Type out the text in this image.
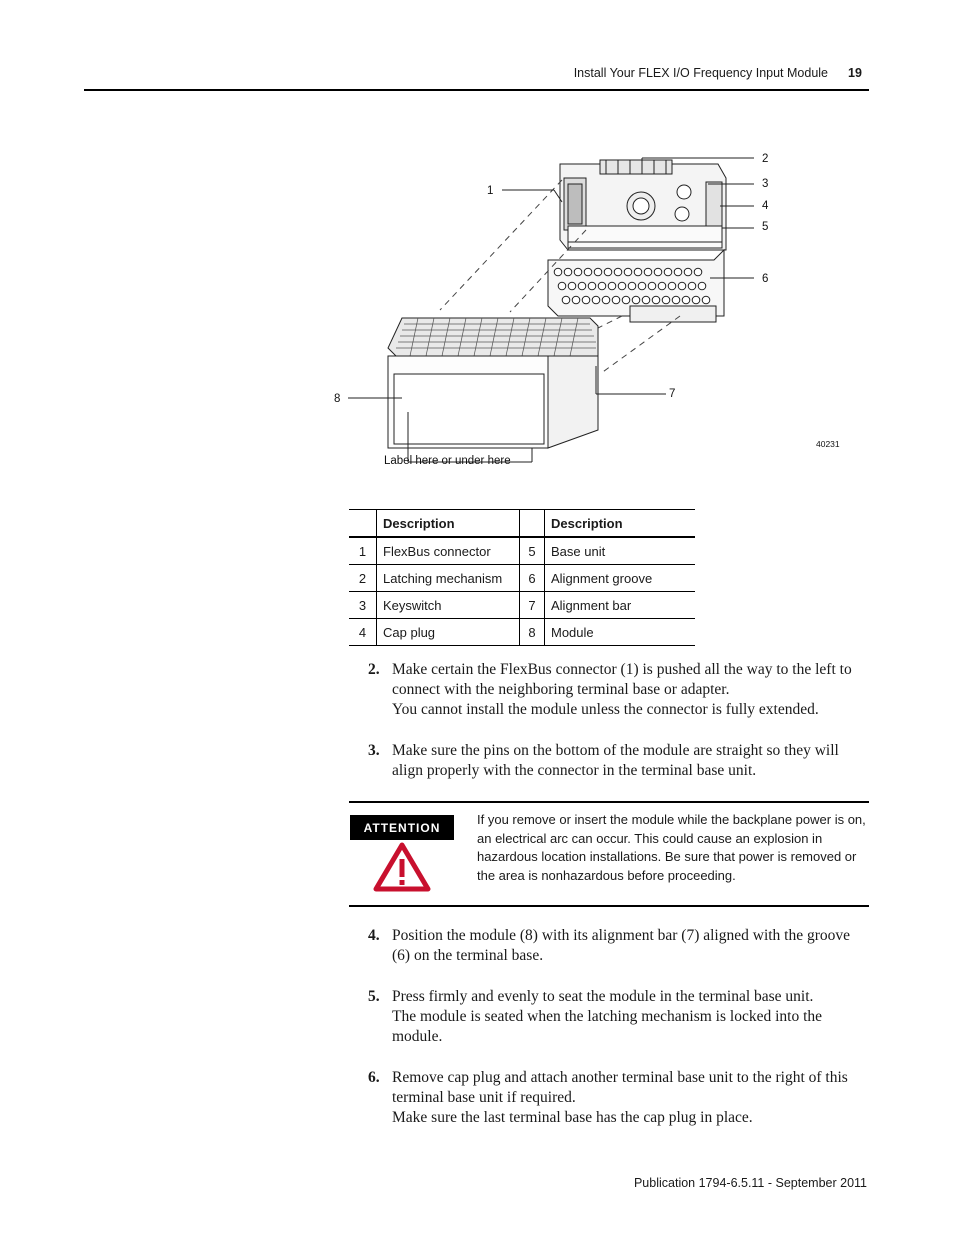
Install Your FLEX I/O Frequency Input Module 19
1
2
3
4
5
6
7
8
Label here or under here
40231
	Description		Description
1	FlexBus connector	5	Base unit
2	Latching mechanism	6	Alignment groove
3	Keyswitch	7	Alignment bar
4	Cap plug	8	Module
2. Make certain the FlexBus connector (1) is pushed all the way to the left to connect with the neighboring terminal base or adapter.
You cannot install the module unless the connector is fully extended.
3. Make sure the pins on the bottom of the module are straight so they will align properly with the connector in the terminal base unit.
ATTENTION
If you remove or insert the module while the backplane power is on, an electrical arc can occur. This could cause an explosion in hazardous location installations. Be sure that power is removed or the area is nonhazardous before proceeding.
4. Position the module (8) with its alignment bar (7) aligned with the groove (6) on the terminal base.
5. Press firmly and evenly to seat the module in the terminal base unit.
The module is seated when the latching mechanism is locked into the module.
6. Remove cap plug and attach another terminal base unit to the right of this terminal base unit if required.
Make sure the last terminal base has the cap plug in place.
Publication 1794-6.5.11 - September 2011
